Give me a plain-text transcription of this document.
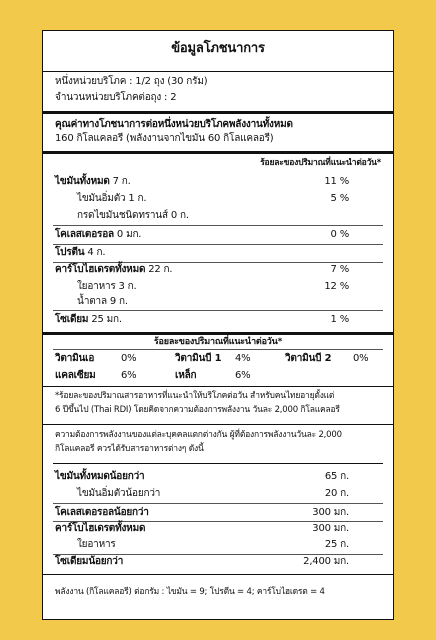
ข้อมูลโภชนาการ
หนึ่งหน่วยบริโภค : 1/2 ถุง (30 กรัม)
จำนวนหน่วยบริโภคต่อถุง : 2
คุณค่าทางโภชนาการต่อหนึ่งหน่วยบริโภคพลังงานทั้งหมด
160 กิโลแคลอรี (พลังงานจากไขมัน 60 กิโลแคลอรี)
ร้อยละของปริมาณที่แนะนำต่อวัน*
ไขมันทั้งหมด 7 ก.	11 %
ไขมันอิ่มตัว 1 ก.	5 %
กรดไขมันชนิดทรานส์ 0 ก.
โคเลสเตอรอล 0 มก.	0 %
โปรตีน 4 ก.
คาร์โบไฮเดรตทั้งหมด 22 ก.	7 %
ใยอาหาร 3 ก.	12 %
น้ำตาล 9 ก.
โซเดียม 25 มก.	1 %
ร้อยละของปริมาณที่แนะนำต่อวัน*
วิตามินเอ	0%	วิตามินบี 1 4%	วิตามินบี 2 0%
แคลเซียม	6%	เหล็ก	6%
*ร้อยละของปริมาณสารอาหารที่แนะนำให้บริโภคต่อวัน สำหรับคนไทยอายุตั้งแต่
6 ปีขึ้นไป (Thai RDI) โดยคิดจากความต้องการพลังงาน วันละ 2,000 กิโลแคลอรี
ความต้องการพลังงานของแต่ละบุคคลแตกต่างกัน ผู้ที่ต้องการพลังงานวันละ 2,000
กิโลแคลอรี ควรได้รับสารอาหารต่างๆ ดังนี้
ไขมันทั้งหมดน้อยกว่า	65 ก.
ไขมันอิ่มตัวน้อยกว่า	20 ก.
โคเลสเตอรอลน้อยกว่า	300 มก.
คาร์โบไฮเดรตทั้งหมด	300 มก.
ใยอาหาร	25 ก.
โซเดียมน้อยกว่า	2,400 มก.
พลังงาน (กิโลแคลอรี) ต่อกรัม : ไขมัน = 9; โปรตีน = 4; คาร์โบไฮเดรต = 4
